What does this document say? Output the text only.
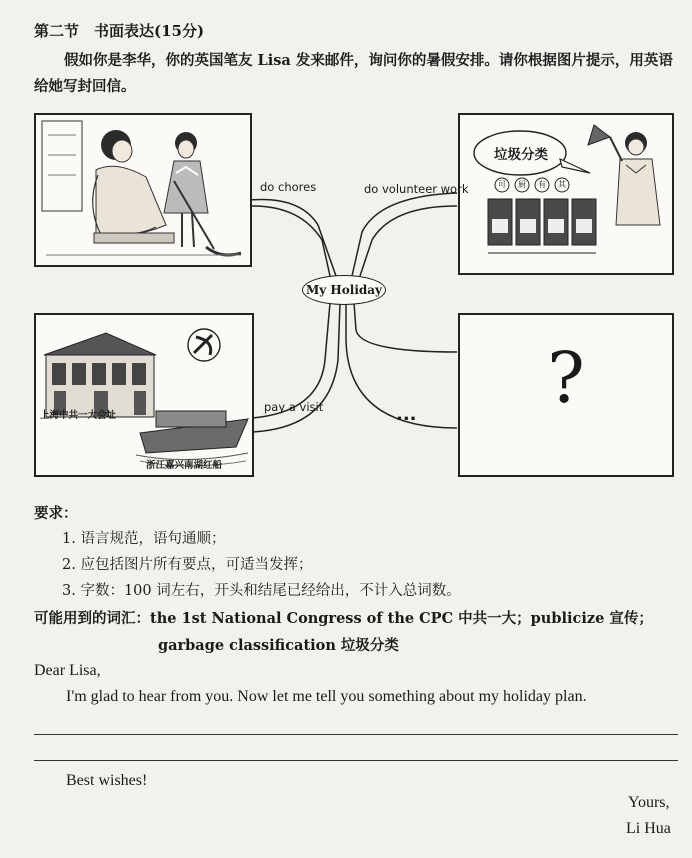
第二节　书面表达(15分)
假如你是李华，你的英国笔友 Lisa 发来邮件，询问你的暑假安排。请你根据图片提示，用英语给她写封回信。
垃圾分类
可 厨 有 其
上海中共一大会址
浙江嘉兴南湖红船
?
My Holiday
do chores	do volunteer work
pay a visit	...
要求：
1. 语言规范，语句通顺；
2. 应包括图片所有要点，可适当发挥；
3. 字数：100 词左右，开头和结尾已经给出，不计入总词数。
可能用到的词汇：the 1st National Congress of the CPC 中共一大；publicize 宣传；
garbage classification 垃圾分类
Dear Lisa,
I'm glad to hear from you. Now let me tell you something about my holiday plan.
Best wishes!
Yours,
Li Hua
